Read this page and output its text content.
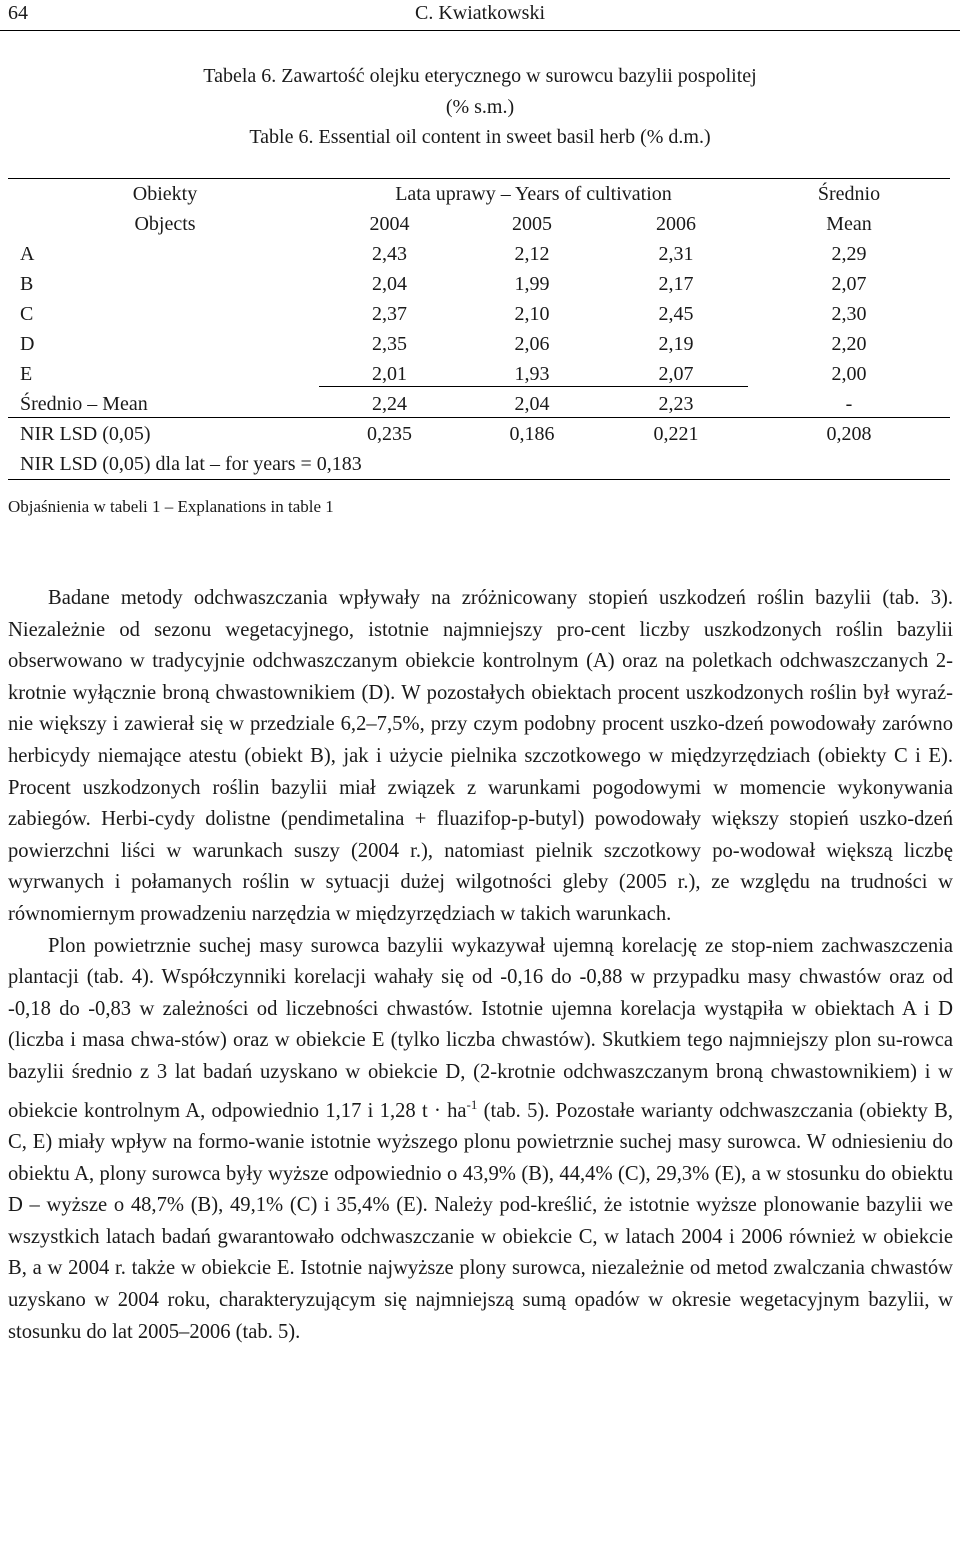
64	C. Kwiatkowski
Tabela 6. Zawartość olejku eterycznego w surowcu bazylii pospolitej
(% s.m.)
Table 6. Essential oil content in sweet basil herb (% d.m.)
Obiekty	Lata uprawy – Years of cultivation	Średnio
Objects	2004	2005	2006	Mean
A	2,43	2,12	2,31	2,29
B	2,04	1,99	2,17	2,07
C	2,37	2,10	2,45	2,30
D	2,35	2,06	2,19	2,20
E	2,01	1,93	2,07	2,00
Średnio – Mean	2,24	2,04	2,23	-
NIR LSD (0,05)	0,235	0,186	0,221	0,208
NIR LSD (0,05) dla lat – for years = 0,183
Objaśnienia w tabeli 1 – Explanations in table 1

Badane metody odchwaszczania wpływały na zróżnicowany stopień uszkodzeń roślin bazylii (tab. 3). Niezależnie od sezonu wegetacyjnego, istotnie najmniejszy pro-cent liczby uszkodzonych roślin bazylii obserwowano w tradycyjnie odchwaszczanym obiekcie kontrolnym (A) oraz na poletkach odchwaszczanych 2-krotnie wyłącznie broną chwastownikiem (D). W pozostałych obiektach procent uszkodzonych roślin był wyraź-nie większy i zawierał się w przedziale 6,2–7,5%, przy czym podobny procent uszko-dzeń powodowały zarówno herbicydy niemające atestu (obiekt B), jak i użycie pielnika szczotkowego w międzyrzędziach (obiekty C i E). Procent uszkodzonych roślin bazylii miał związek z warunkami pogodowymi w momencie wykonywania zabiegów. Herbi-cydy dolistne (pendimetalina + fluazifop-p-butyl) powodowały większy stopień uszko-dzeń powierzchni liści w warunkach suszy (2004 r.), natomiast pielnik szczotkowy po-wodował większą liczbę wyrwanych i połamanych roślin w sytuacji dużej wilgotności gleby (2005 r.), ze względu na trudności w równomiernym prowadzeniu narzędzia w międzyrzędziach w takich warunkach.

Plon powietrznie suchej masy surowca bazylii wykazywał ujemną korelację ze stop-niem zachwaszczenia plantacji (tab. 4). Współczynniki korelacji wahały się od -0,16 do -0,88 w przypadku masy chwastów oraz od -0,18 do -0,83 w zależności od liczebności chwastów. Istotnie ujemna korelacja wystąpiła w obiektach A i D (liczba i masa chwa-stów) oraz w obiekcie E (tylko liczba chwastów). Skutkiem tego najmniejszy plon su-rowca bazylii średnio z 3 lat badań uzyskano w obiekcie D, (2-krotnie odchwaszczanym broną chwastownikiem) i w obiekcie kontrolnym A, odpowiednio 1,17 i 1,28 $t \cdot ha^{-1}$ (tab. 5). Pozostałe warianty odchwaszczania (obiekty B, C, E) miały wpływ na formo-wanie istotnie wyższego plonu powietrznie suchej masy surowca. W odniesieniu do obiektu A, plony surowca były wyższe odpowiednio o 43,9% (B), 44,4% (C), 29,3% (E), a w stosunku do obiektu D – wyższe o 48,7% (B), 49,1% (C) i 35,4% (E). Należy pod-kreślić, że istotnie wyższe plonowanie bazylii we wszystkich latach badań gwarantowało odchwaszczanie w obiekcie C, w latach 2004 i 2006 również w obiekcie B, a w 2004 r. także w obiekcie E. Istotnie najwyższe plony surowca, niezależnie od metod zwalczania chwastów uzyskano w 2004 roku, charakteryzującym się najmniejszą sumą opadów w okresie wegetacyjnym bazylii, w stosunku do lat 2005–2006 (tab. 5).
